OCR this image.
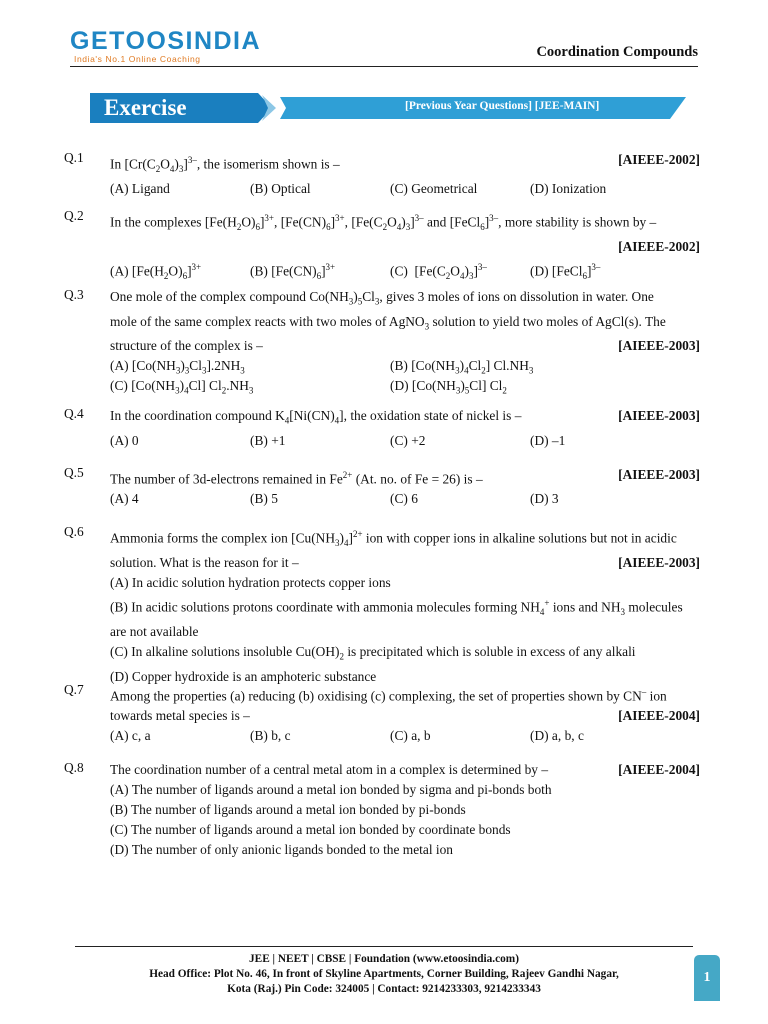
GETOOSINDIA
India's No.1 Online Coaching	Coordination Compounds
Exercise	[Previous Year Questions] [JEE-MAIN]
Q.1 In $[Cr(C_2O_4)_3]^{3-}$, the isomerism shown is –	[AIEEE-2002]
(A) Ligand	(B) Optical	(C) Geometrical	(D) Ionization
Q.2 In the complexes $[Fe(H_2O)_6]^{3+}$, $[Fe(CN)_6]^{3+}$, $[Fe(C_2O_4)_3]^{3-}$ and [FeCl$_6$]$^{3-}$, more stability is shown by –
[AIEEE-2002]
(A) $[Fe(H_2O)_6]^{3+}$	(B) $[Fe(CN)_6]^{3+}$	(C)  $[Fe(C_2O_4)_3]^{3-}$	(D) [FeCl$_6$]$^{3-}$
Q.3 One mole of the complex compound $Co(NH_3)_5Cl_3$, gives 3 moles of ions on dissolution in water. One
mole of the same complex reacts with two moles of AgNO$_3$ solution to yield two moles of AgCl(s). The
structure of the complex is –	[AIEEE-2003]
(A) $[Co(NH_3)_3Cl_3].2NH_3$	(B) $[Co(NH_3)_4Cl_2]$ $Cl.NH_3$
(C) $[Co(NH_3)_4Cl]$ $Cl_2.NH_3$	(D) $[Co(NH_3)_5Cl]$ $Cl_2$
Q.4 In the coordination compound $K_4[Ni(CN)_4]$, the oxidation state of nickel is –	[AIEEE-2003]
(A) 0	(B) +1	(C) +2	(D) –1
Q.5 The number of 3d-electrons remained in $Fe^{2+}$ (At. no. of Fe = 26) is –	[AIEEE-2003]
(A) 4	(B) 5	(C) 6	(D) 3
Q.6 Ammonia forms the complex ion $[Cu(NH_3)_4]^{2+}$ ion with copper ions in alkaline solutions but not in acidic
solution. What is the reason for it –	[AIEEE-2003]
(A) In acidic solution hydration protects copper ions
(B) In acidic solutions protons coordinate with ammonia molecules forming $NH_4^+$ ions and $NH_3$ molecules
are not available
(C) In alkaline solutions insoluble $Cu(OH)_2$ is precipitated which is soluble in excess of any alkali
(D) Copper hydroxide is an amphoteric substance
Q.7 Among the properties (a) reducing (b) oxidising (c) complexing, the set of properties shown by CN– ion
towards metal species is –	[AIEEE-2004]
(A) c, a	(B) b, c	(C) a, b	(D) a, b, c
Q.8 The coordination number of a central metal atom in a complex is determined by –	[AIEEE-2004]
(A) The number of ligands around a metal ion bonded by sigma and pi-bonds both
(B) The number of ligands around a metal ion bonded by pi-bonds
(C) The number of ligands around a metal ion bonded by coordinate bonds
(D) The number of only anionic ligands bonded to the metal ion
JEE | NEET | CBSE | Foundation (www.etoosindia.com)
Head Office: Plot No. 46, In front of Skyline Apartments, Corner Building, Rajeev Gandhi Nagar,
Kota (Raj.) Pin Code: 324005 | Contact: 9214233303, 9214233343
1
